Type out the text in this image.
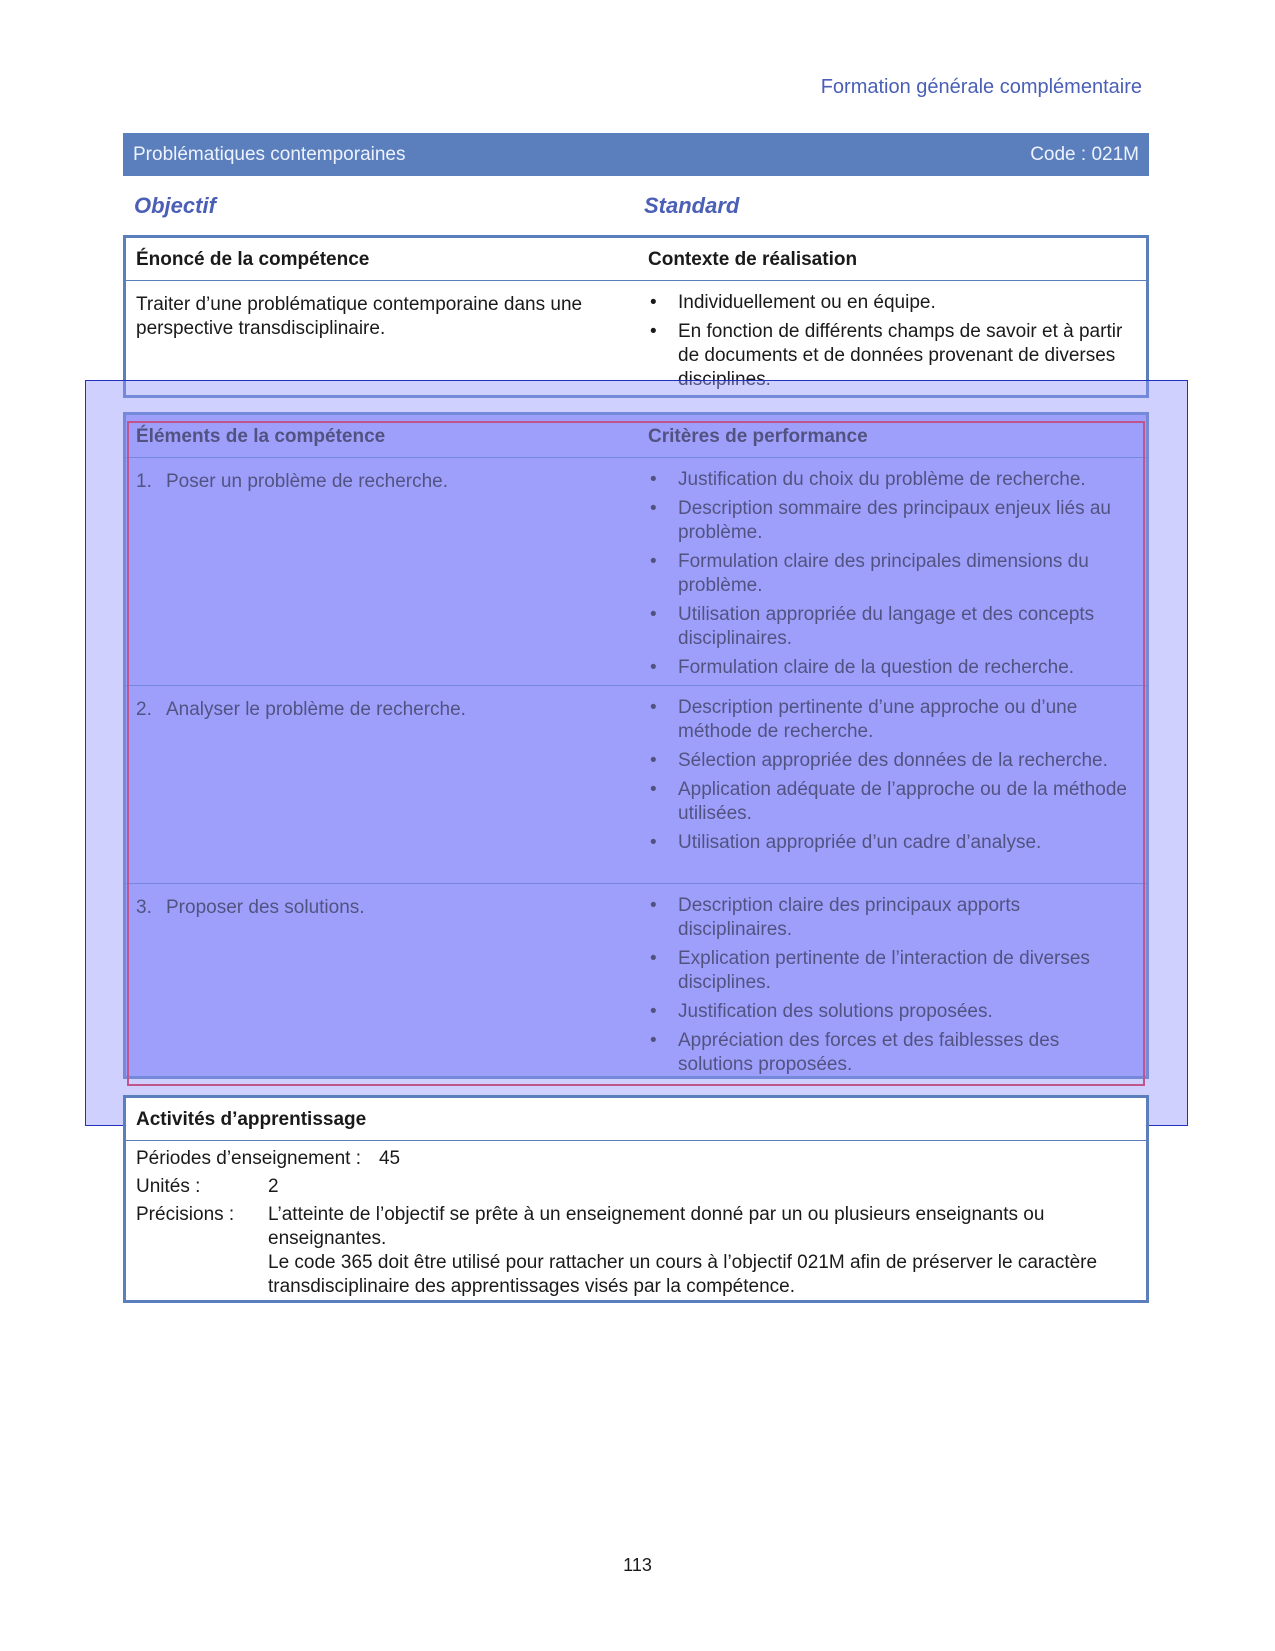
Formation générale complémentaire
Problématiques contemporaines	Code : 021M
Objectif	Standard
Énoncé de la compétence	Contexte de réalisation
Traiter d’une problématique contemporaine dans une perspective transdisciplinaire.
• Individuellement ou en équipe.
• En fonction de différents champs de savoir et à partir de documents et de données provenant de diverses disciplines.
Éléments de la compétence	Critères de performance
1. Poser un problème de recherche.	• Justification du choix du problème de recherche.
• Description sommaire des principaux enjeux liés au problème.
• Formulation claire des principales dimensions du problème.
• Utilisation appropriée du langage et des concepts disciplinaires.
• Formulation claire de la question de recherche.
2. Analyser le problème de recherche.	• Description pertinente d’une approche ou d’une méthode de recherche.
• Sélection appropriée des données de la recherche.
• Application adéquate de l’approche ou de la méthode utilisées.
• Utilisation appropriée d’un cadre d’analyse.
3. Proposer des solutions.	• Description claire des principaux apports disciplinaires.
• Explication pertinente de l’interaction de diverses disciplines.
• Justification des solutions proposées.
• Appréciation des forces et des faiblesses des solutions proposées.
Activités d’apprentissage
Périodes d’enseignement : 45
Unités :	2
Précisions :	L’atteinte de l’objectif se prête à un enseignement donné par un ou plusieurs enseignants ou enseignantes.
Le code 365 doit être utilisé pour rattacher un cours à l’objectif 021M afin de préserver le caractère transdisciplinaire des apprentissages visés par la compétence.
113
